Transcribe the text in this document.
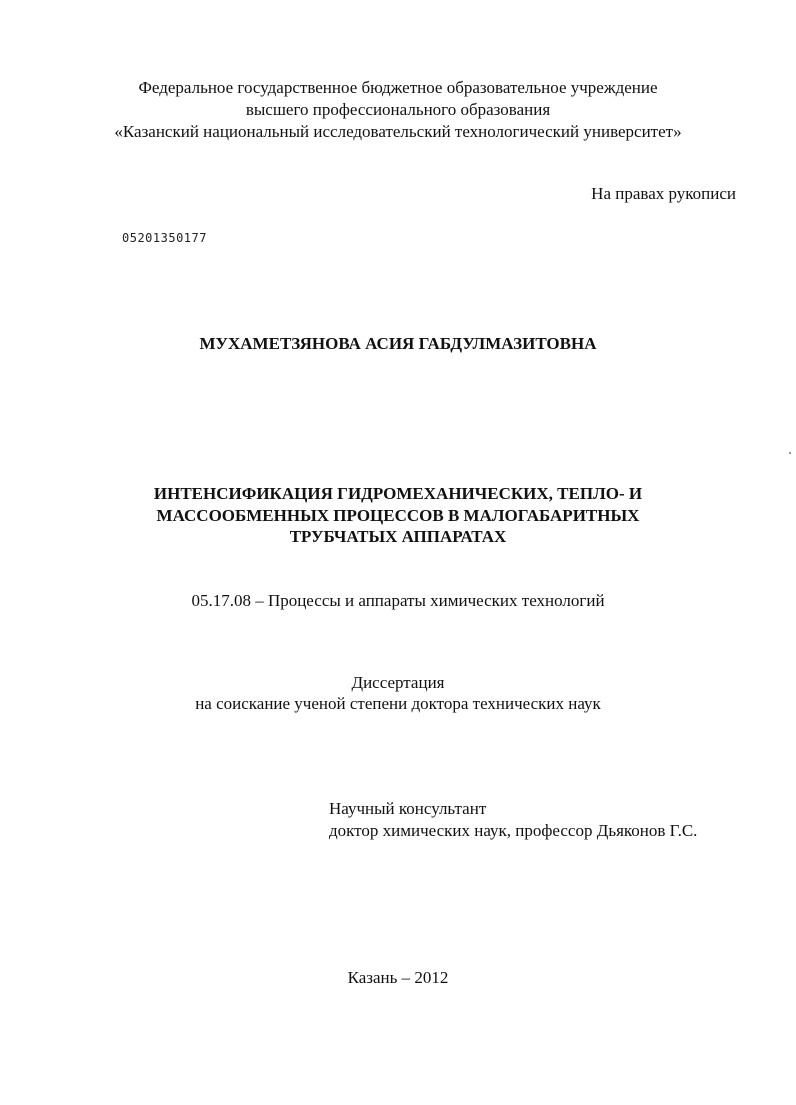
Федеральное государственное бюджетное образовательное учреждение
высшего профессионального образования
«Казанский национальный исследовательский технологический университет»
На правах рукописи
05201350177
МУХАМЕТЗЯНОВА АСИЯ ГАБДУЛМАЗИТОВНА
ИНТЕНСИФИКАЦИЯ ГИДРОМЕХАНИЧЕСКИХ, ТЕПЛО- И
МАССООБМЕННЫХ ПРОЦЕССОВ В МАЛОГАБАРИТНЫХ
ТРУБЧАТЫХ АППАРАТАХ
05.17.08 – Процессы и аппараты химических технологий
Диссертация
на соискание ученой степени доктора технических наук
Научный консультант
доктор химических наук, профессор Дьяконов Г.С.
Казань – 2012
